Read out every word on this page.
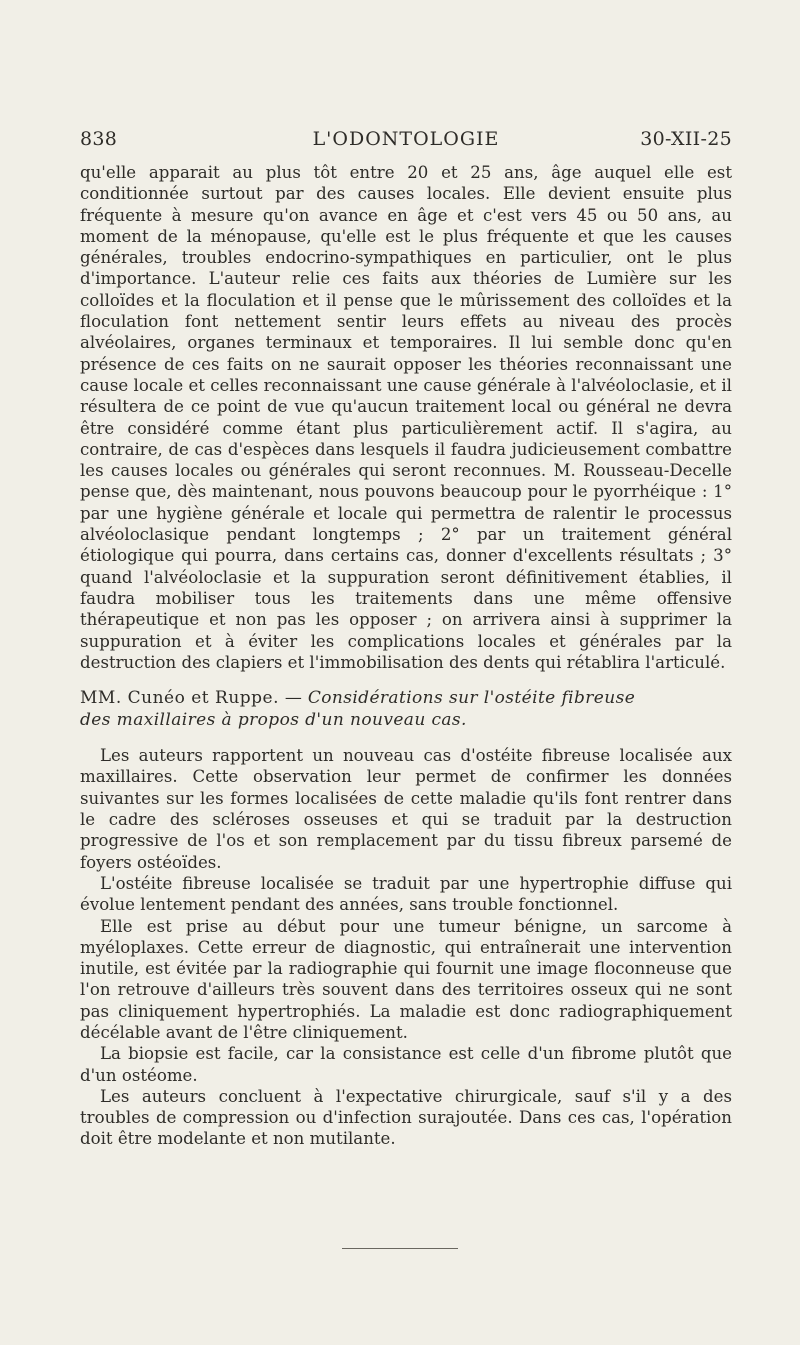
838	L'ODONTOLOGIE	30-XII-25

qu'elle apparait au plus tôt entre 20 et 25 ans, âge auquel elle est conditionnée surtout par des causes locales. Elle devient ensuite plus fréquente à mesure qu'on avance en âge et c'est vers 45 ou 50 ans, au moment de la ménopause, qu'elle est le plus fréquente et que les causes générales, troubles endocrino-sympathiques en particulier, ont le plus d'importance. L'auteur relie ces faits aux théories de Lumière sur les colloïdes et la floculation et il pense que le mûrissement des colloïdes et la floculation font nettement sentir leurs effets au niveau des procès alvéolaires, organes terminaux et temporaires. Il lui semble donc qu'en présence de ces faits on ne saurait opposer les théories reconnaissant une cause locale et celles reconnaissant une cause générale à l'alvéoloclasie, et il résultera de ce point de vue qu'aucun traitement local ou général ne devra être considéré comme étant plus particulièrement actif. Il s'agira, au contraire, de cas d'espèces dans lesquels il faudra judicieusement combattre les causes locales ou générales qui seront reconnues. M. Rousseau-Decelle pense que, dès maintenant, nous pouvons beaucoup pour le pyorrhéique : 1° par une hygiène générale et locale qui permettra de ralentir le processus alvéoloclasique pendant longtemps ; 2° par un traitement général étiologique qui pourra, dans certains cas, donner d'excellents résultats ; 3° quand l'alvéoloclasie et la suppuration seront définitivement établies, il faudra mobiliser tous les traitements dans une même offensive thérapeutique et non pas les opposer ; on arrivera ainsi à supprimer la suppuration et à éviter les complications locales et générales par la destruction des clapiers et l'immobilisation des dents qui rétablira l'articulé.

MM. Cunéo et Ruppe. — Considérations sur l'ostéite fibreuse
des maxillaires à propos d'un nouveau cas.

Les auteurs rapportent un nouveau cas d'ostéite fibreuse localisée aux maxillaires. Cette observation leur permet de confirmer les données suivantes sur les formes localisées de cette maladie qu'ils font rentrer dans le cadre des scléroses osseuses et qui se traduit par la destruction progressive de l'os et son remplacement par du tissu fibreux parsemé de foyers ostéoïdes.

L'ostéite fibreuse localisée se traduit par une hypertrophie diffuse qui évolue lentement pendant des années, sans trouble fonctionnel.

Elle est prise au début pour une tumeur bénigne, un sarcome à myéloplaxes. Cette erreur de diagnostic, qui entraînerait une intervention inutile, est évitée par la radiographie qui fournit une image floconneuse que l'on retrouve d'ailleurs très souvent dans des territoires osseux qui ne sont pas cliniquement hypertrophiés. La maladie est donc radiographiquement décélable avant de l'être cliniquement.

La biopsie est facile, car la consistance est celle d'un fibrome plutôt que d'un ostéome.

Les auteurs concluent à l'expectative chirurgicale, sauf s'il y a des troubles de compression ou d'infection surajoutée. Dans ces cas, l'opération doit être modelante et non mutilante.
